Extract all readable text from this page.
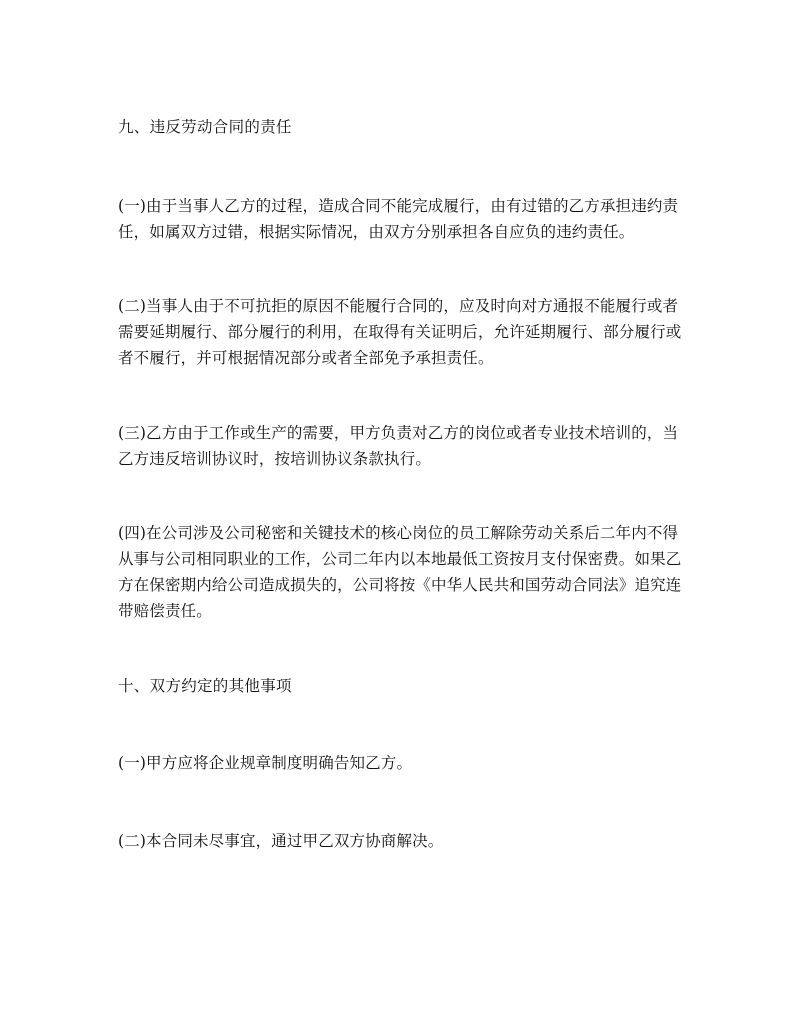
九、违反劳动合同的责任
(一)由于当事人乙方的过程，造成合同不能完成履行，由有过错的乙方承担违约责
任，如属双方过错，根据实际情况，由双方分别承担各自应负的违约责任。
(二)当事人由于不可抗拒的原因不能履行合同的，应及时向对方通报不能履行或者
需要延期履行、部分履行的利用，在取得有关证明后，允许延期履行、部分履行或
者不履行，并可根据情况部分或者全部免予承担责任。
(三)乙方由于工作或生产的需要，甲方负责对乙方的岗位或者专业技术培训的，当
乙方违反培训协议时，按培训协议条款执行。
(四)在公司涉及公司秘密和关键技术的核心岗位的员工解除劳动关系后二年内不得
从事与公司相同职业的工作，公司二年内以本地最低工资按月支付保密费。如果乙
方在保密期内给公司造成损失的，公司将按《中华人民共和国劳动合同法》追究连
带赔偿责任。
十、双方约定的其他事项
(一)甲方应将企业规章制度明确告知乙方。
(二)本合同未尽事宜，通过甲乙双方协商解决。
